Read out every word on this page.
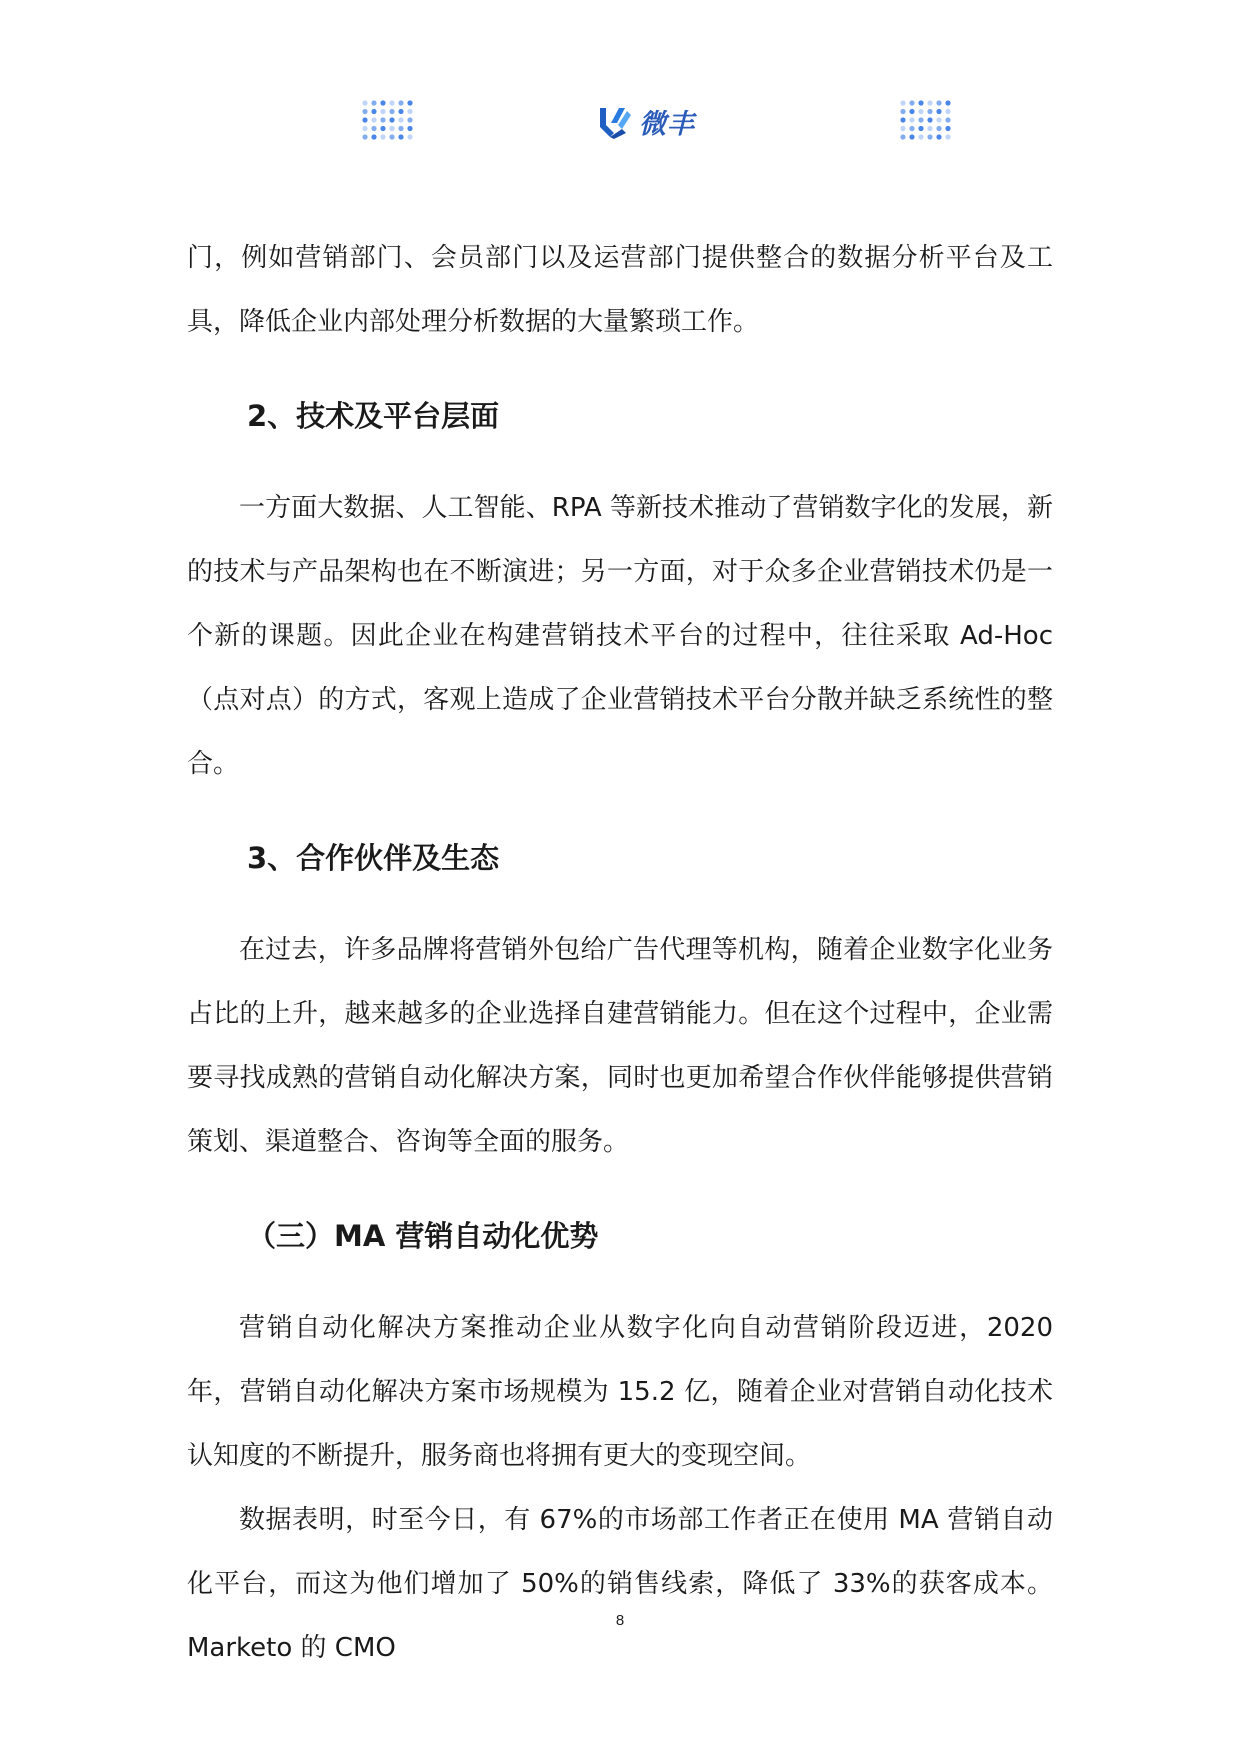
微丰

门，例如营销部门、会员部门以及运营部门提供整合的数据分析平台及工具，降低企业内部处理分析数据的大量繁琐工作。

2、技术及平台层面

一方面大数据、人工智能、RPA 等新技术推动了营销数字化的发展，新的技术与产品架构也在不断演进；另一方面，对于众多企业营销技术仍是一个新的课题。因此企业在构建营销技术平台的过程中，往往采取 Ad-Hoc（点对点）的方式，客观上造成了企业营销技术平台分散并缺乏系统性的整合。

3、合作伙伴及生态

在过去，许多品牌将营销外包给广告代理等机构，随着企业数字化业务占比的上升，越来越多的企业选择自建营销能力。但在这个过程中，企业需要寻找成熟的营销自动化解决方案，同时也更加希望合作伙伴能够提供营销策划、渠道整合、咨询等全面的服务。

（三）MA 营销自动化优势

营销自动化解决方案推动企业从数字化向自动营销阶段迈进，2020 年，营销自动化解决方案市场规模为 15.2 亿，随着企业对营销自动化技术认知度的不断提升，服务商也将拥有更大的变现空间。

数据表明，时至今日，有 67%的市场部工作者正在使用 MA 营销自动化平台，而这为他们增加了 50%的销售线索，降低了 33%的获客成本。Marketo 的 CMO

8
